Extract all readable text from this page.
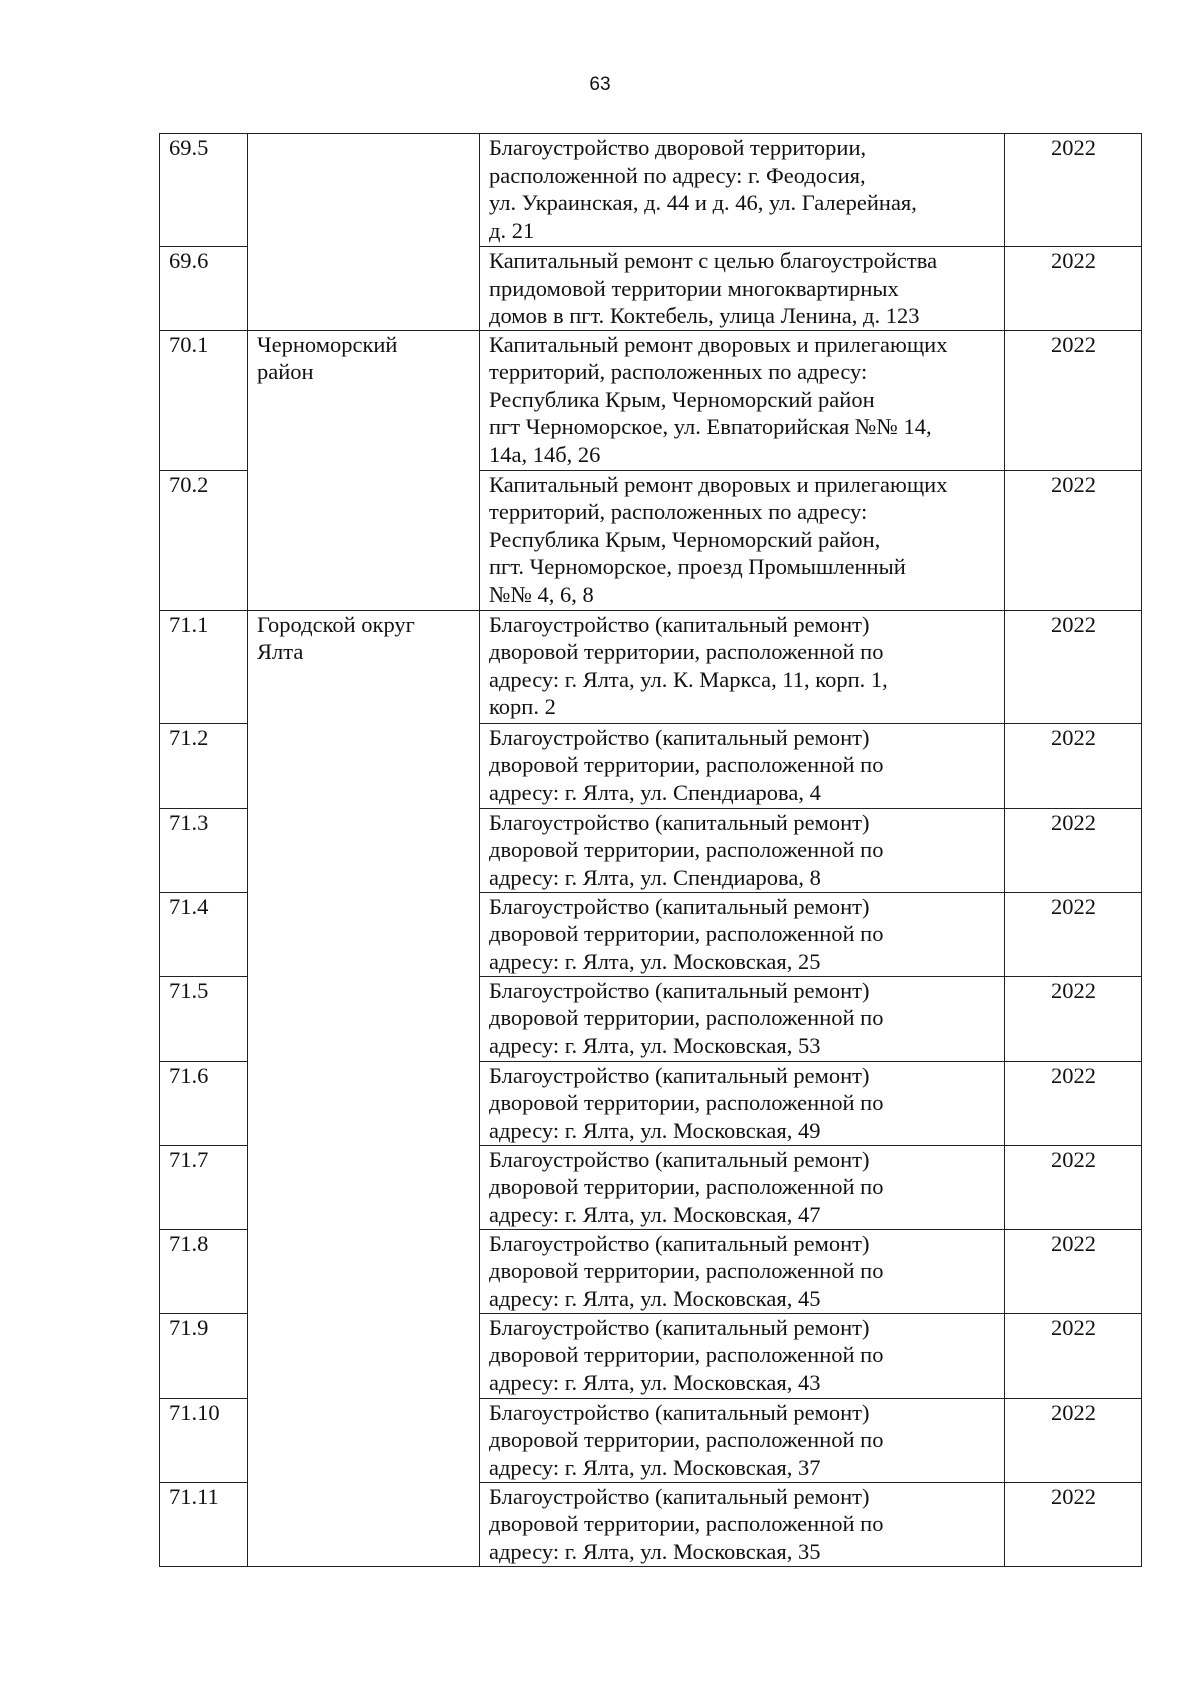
63
69.5		Благоустройство дворовой территории,
расположенной по адресу: г. Феодосия,
ул. Украинская, д. 44 и д. 46, ул. Галерейная,
д. 21	2022
69.6		Капитальный ремонт с целью благоустройства
придомовой территории многоквартирных
домов в пгт. Коктебель, улица Ленина, д. 123	2022
70.1	Черноморский
район	Капитальный ремонт дворовых и прилегающих
территорий, расположенных по адресу:
Республика Крым, Черноморский район
пгт Черноморское, ул. Евпаторийская №№ 14,
14а, 14б, 26	2022
70.2		Капитальный ремонт дворовых и прилегающих
территорий, расположенных по адресу:
Республика Крым, Черноморский район,
пгт. Черноморское, проезд Промышленный
№№ 4, 6, 8	2022
71.1	Городской округ
Ялта	Благоустройство (капитальный ремонт)
дворовой территории, расположенной по
адресу: г. Ялта, ул. К. Маркса, 11, корп. 1,
корп. 2	2022
71.2		Благоустройство (капитальный ремонт)
дворовой территории, расположенной по
адресу: г. Ялта, ул. Спендиарова, 4	2022
71.3		Благоустройство (капитальный ремонт)
дворовой территории, расположенной по
адресу: г. Ялта, ул. Спендиарова, 8	2022
71.4		Благоустройство (капитальный ремонт)
дворовой территории, расположенной по
адресу: г. Ялта, ул. Московская, 25	2022
71.5		Благоустройство (капитальный ремонт)
дворовой территории, расположенной по
адресу: г. Ялта, ул. Московская, 53	2022
71.6		Благоустройство (капитальный ремонт)
дворовой территории, расположенной по
адресу: г. Ялта, ул. Московская, 49	2022
71.7		Благоустройство (капитальный ремонт)
дворовой территории, расположенной по
адресу: г. Ялта, ул. Московская, 47	2022
71.8		Благоустройство (капитальный ремонт)
дворовой территории, расположенной по
адресу: г. Ялта, ул. Московская, 45	2022
71.9		Благоустройство (капитальный ремонт)
дворовой территории, расположенной по
адресу: г. Ялта, ул. Московская, 43	2022
71.10		Благоустройство (капитальный ремонт)
дворовой территории, расположенной по
адресу: г. Ялта, ул. Московская, 37	2022
71.11		Благоустройство (капитальный ремонт)
дворовой территории, расположенной по
адресу: г. Ялта, ул. Московская, 35	2022
